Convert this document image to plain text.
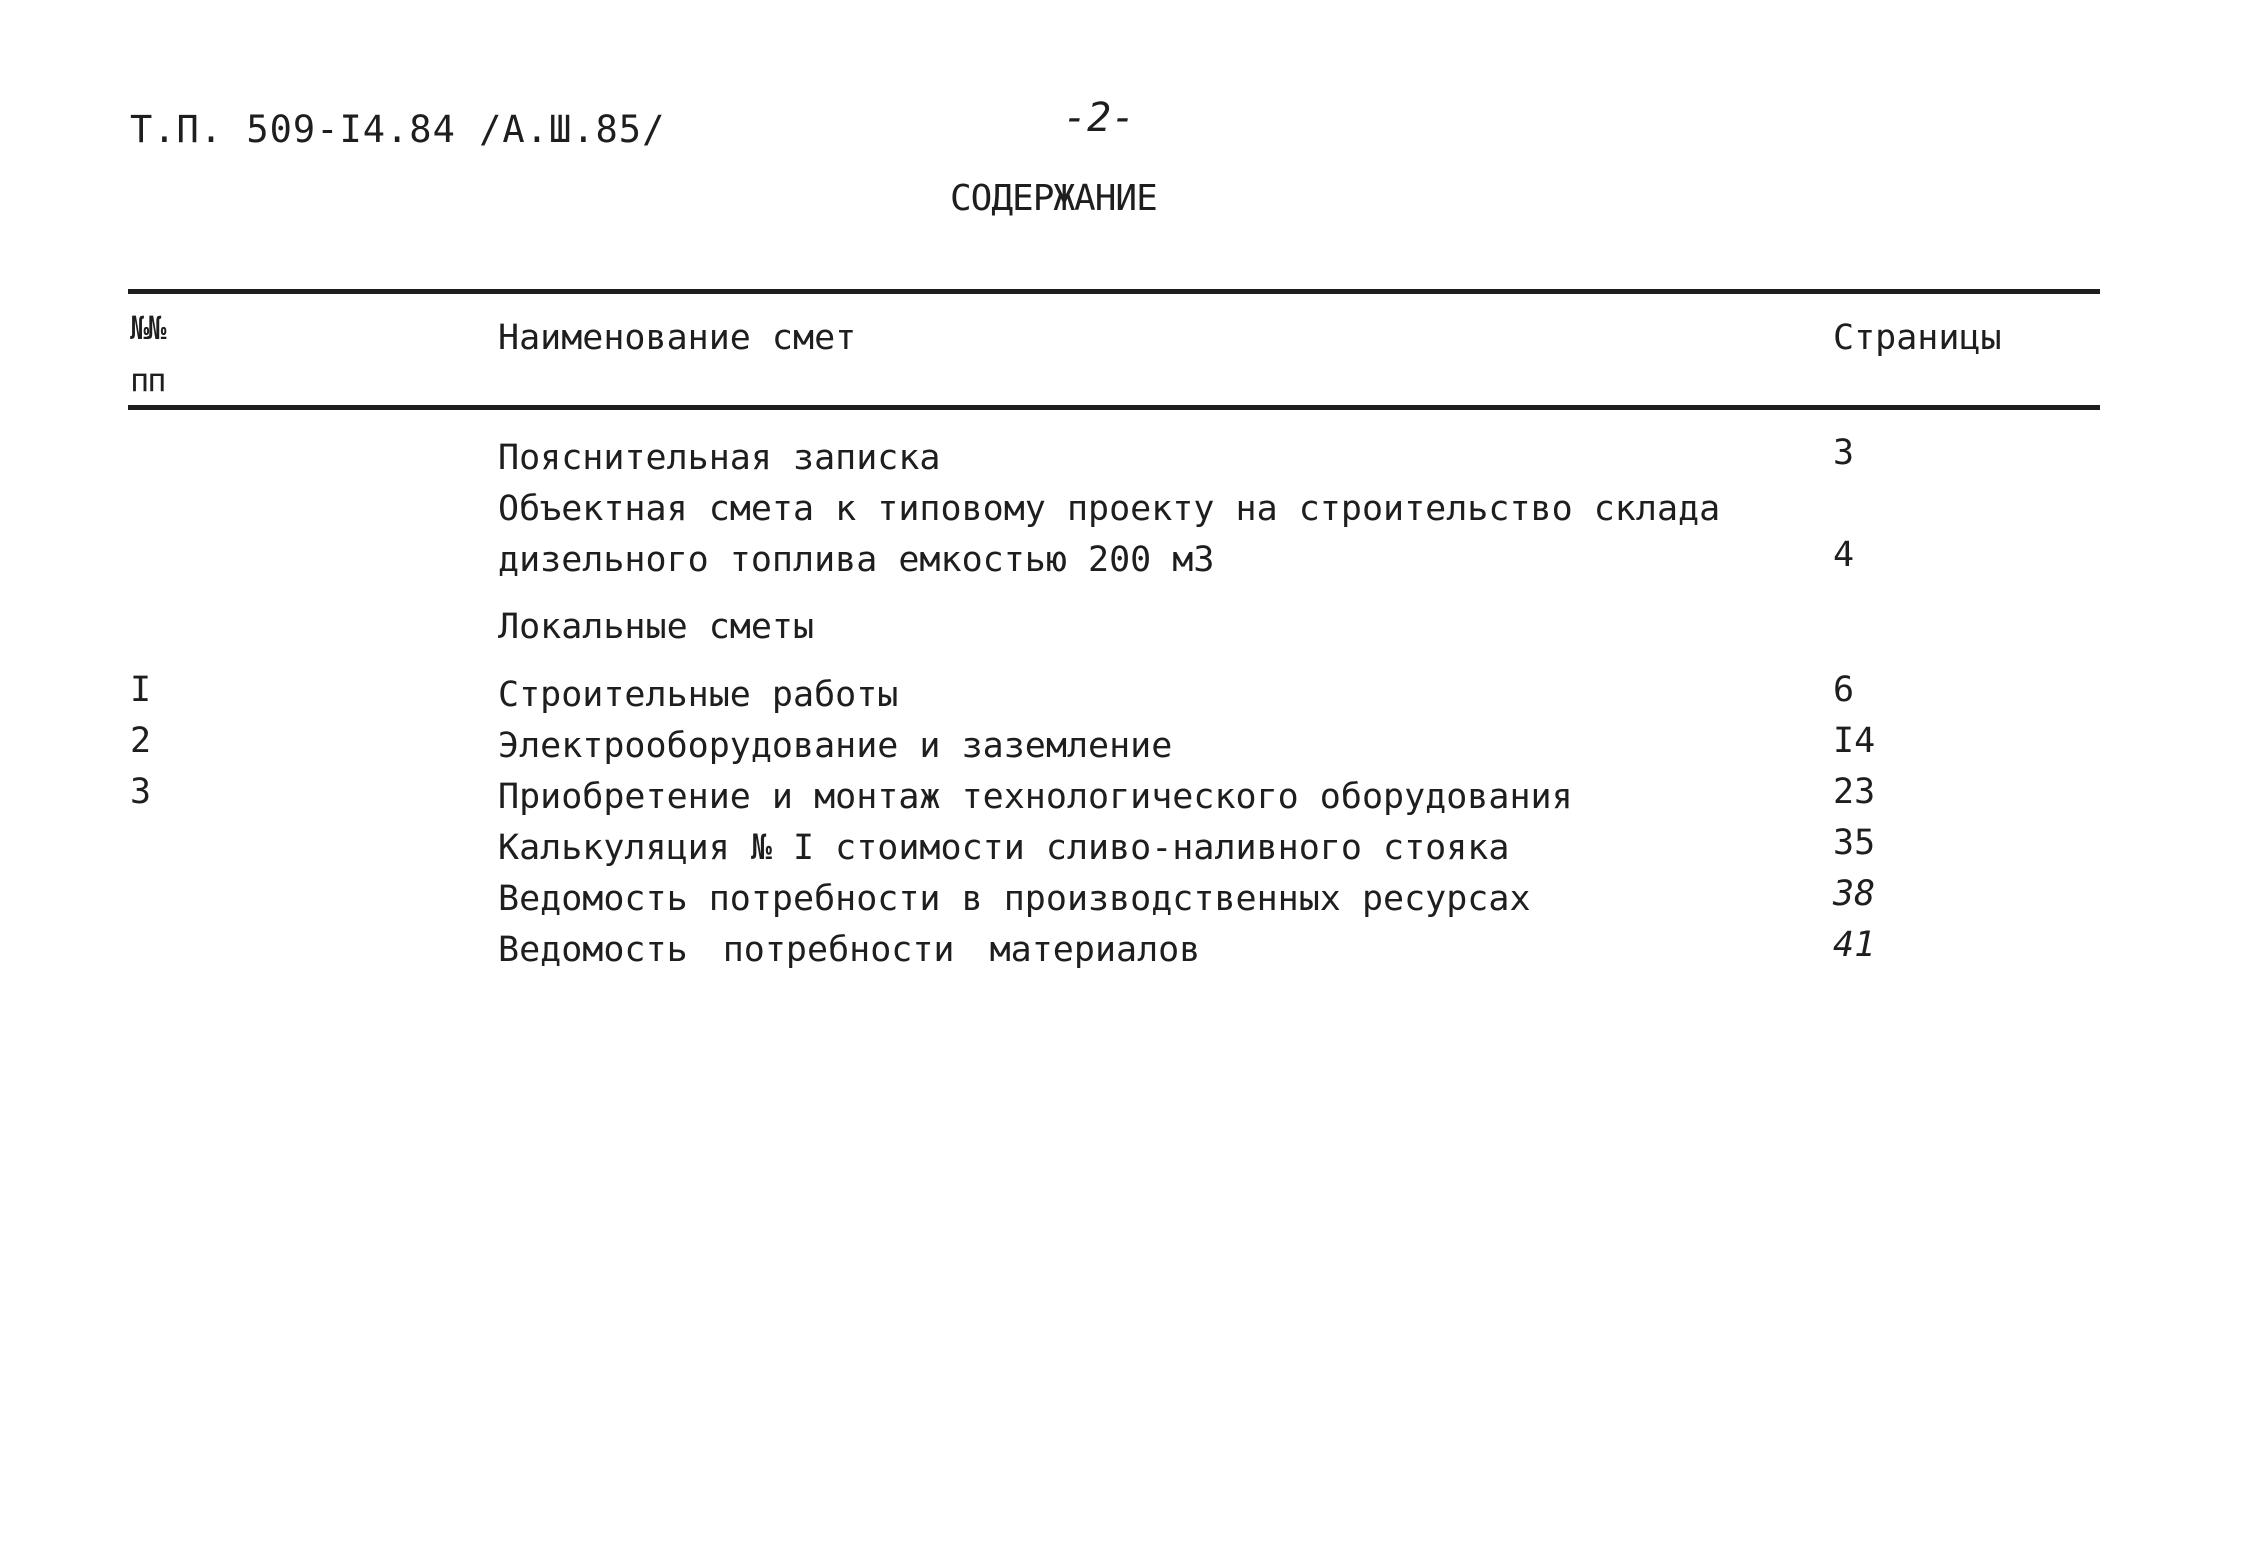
Т.П. 509-I4.84 /А.Ш.85/	-2-
СОДЕРЖАНИЕ
№№
пп
Наименование смет	Страницы
Пояснительная записка	3
Объектная смета к типовому проекту на строительство склада дизельного топлива емкостью 200 м3	4
Локальные сметы
I	Строительные работы	6
2	Электрооборудование и заземление	I4
3	Приобретение и монтаж технологического оборудования	23
Калькуляция № I стоимости сливо-наливного стояка	35
Ведомость потребности в производственных ресурсах	38
Ведомость потребности материалов	41
